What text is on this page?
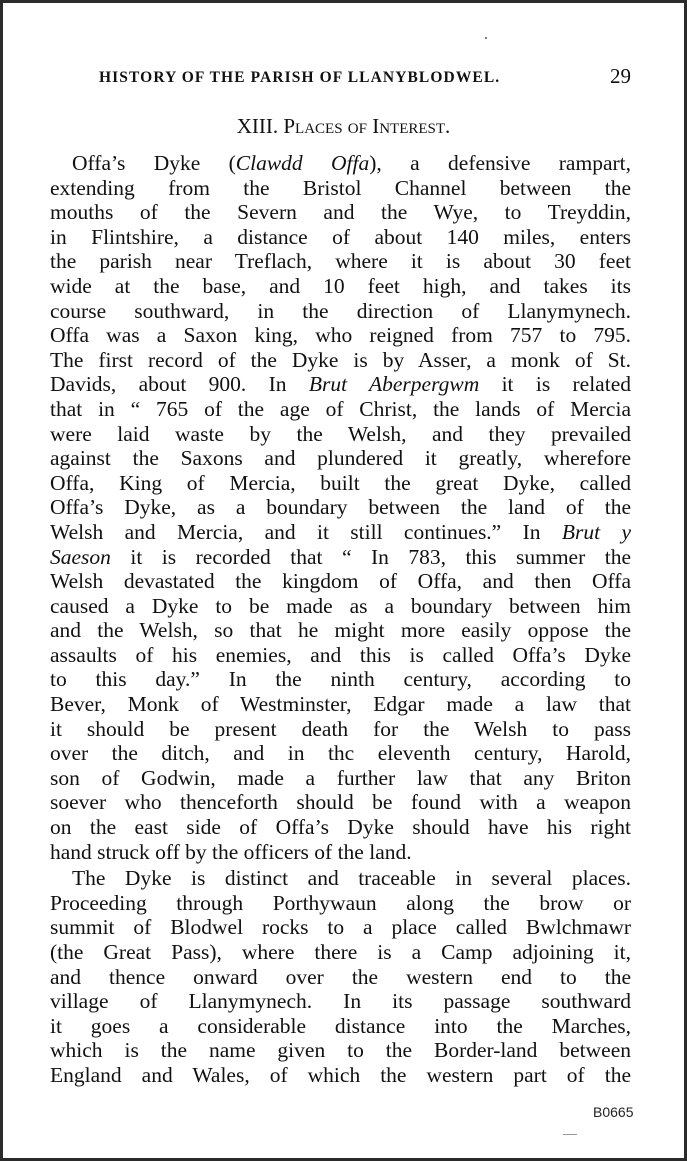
HISTORY OF THE PARISH OF LLANYBLODWEL.	29
XIII. Places of Interest.
Offa’s Dyke (Clawdd Offa), a defensive rampart,
extending from the Bristol Channel between the
mouths of the Severn and the Wye, to Treyddin,
in Flintshire, a distance of about 140 miles, enters
the parish near Treflach, where it is about 30 feet
wide at the base, and 10 feet high, and takes its
course southward, in the direction of Llanymynech.
Offa was a Saxon king, who reigned from 757 to 795.
The first record of the Dyke is by Asser, a monk of St.
Davids, about 900. In Brut Aberpergwm it is related
that in “ 765 of the age of Christ, the lands of Mercia
were laid waste by the Welsh, and they prevailed
against the Saxons and plundered it greatly, wherefore
Offa, King of Mercia, built the great Dyke, called
Offa’s Dyke, as a boundary between the land of the
Welsh and Mercia, and it still continues.” In Brut y
Saeson it is recorded that “ In 783, this summer the
Welsh devastated the kingdom of Offa, and then Offa
caused a Dyke to be made as a boundary between him
and the Welsh, so that he might more easily oppose the
assaults of his enemies, and this is called Offa’s Dyke
to this day.” In the ninth century, according to
Bever, Monk of Westminster, Edgar made a law that
it should be present death for the Welsh to pass
over the ditch, and in thc eleventh century, Harold,
son of Godwin, made a further law that any Briton
soever who thenceforth should be found with a weapon
on the east side of Offa’s Dyke should have his right
hand struck off by the officers of the land.
The Dyke is distinct and traceable in several places.
Proceeding through Porthywaun along the brow or
summit of Blodwel rocks to a place called Bwlchmawr
(the Great Pass), where there is a Camp adjoining it,
and thence onward over the western end to the
village of Llanymynech. In its passage southward
it goes a considerable distance into the Marches,
which is the name given to the Border-land between
England and Wales, of which the western part of the
B0665
